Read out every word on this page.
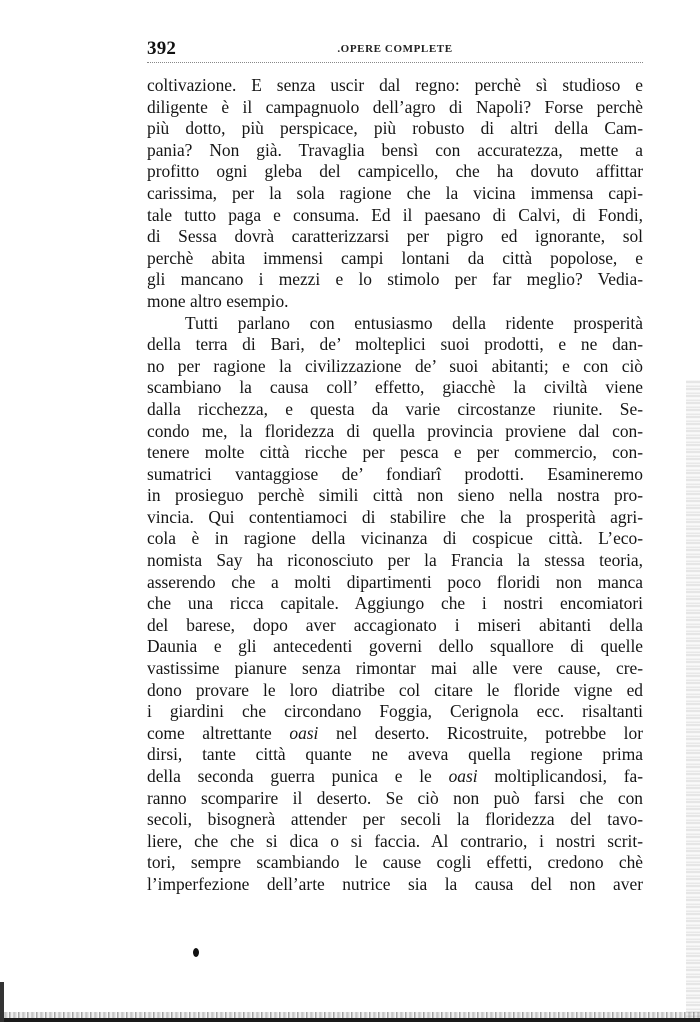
392	.OPERE COMPLETE
coltivazione. E senza uscir dal regno: perchè sì studioso e
diligente è il campagnuolo dell’agro di Napoli? Forse perchè
più dotto, più perspicace, più robusto di altri della Cam-
pania? Non già. Travaglia bensì con accuratezza, mette a
profitto ogni gleba del campicello, che ha dovuto affittar
carissima, per la sola ragione che la vicina immensa capi-
tale tutto paga e consuma. Ed il paesano di Calvi, di Fondi,
di Sessa dovrà caratterizzarsi per pigro ed ignorante, sol
perchè abita immensi campi lontani da città popolose, e
gli mancano i mezzi e lo stimolo per far meglio? Vedia-
mone altro esempio.
Tutti parlano con entusiasmo della ridente prosperità
della terra di Bari, de’ molteplici suoi prodotti, e ne dan-
no per ragione la civilizzazione de’ suoi abitanti; e con ciò
scambiano la causa coll’ effetto, giacchè la civiltà viene
dalla ricchezza, e questa da varie circostanze riunite. Se-
condo me, la floridezza di quella provincia proviene dal con-
tenere molte città ricche per pesca e per commercio, con-
sumatrici vantaggiose de’ fondiarî prodotti. Esamineremo
in prosieguo perchè simili città non sieno nella nostra pro-
vincia. Qui contentiamoci di stabilire che la prosperità agri-
cola è in ragione della vicinanza di cospicue città. L’eco-
nomista Say ha riconosciuto per la Francia la stessa teoria,
asserendo che a molti dipartimenti poco floridi non manca
che una ricca capitale. Aggiungo che i nostri encomiatori
del barese, dopo aver accagionato i miseri abitanti della
Daunia e gli antecedenti governi dello squallore di quelle
vastissime pianure senza rimontar mai alle vere cause, cre-
dono provare le loro diatribe col citare le floride vigne ed
i giardini che circondano Foggia, Cerignola ecc. risaltanti
come altrettante oasi nel deserto. Ricostruite, potrebbe lor
dirsi, tante città quante ne aveva quella regione prima
della seconda guerra punica e le oasi moltiplicandosi, fa-
ranno scomparire il deserto. Se ciò non può farsi che con
secoli, bisognerà attender per secoli la floridezza del tavo-
liere, che che si dica o si faccia. Al contrario, i nostri scrit-
tori, sempre scambiando le cause cogli effetti, credono chè
l’imperfezione dell’arte nutrice sia la causa del non aver
